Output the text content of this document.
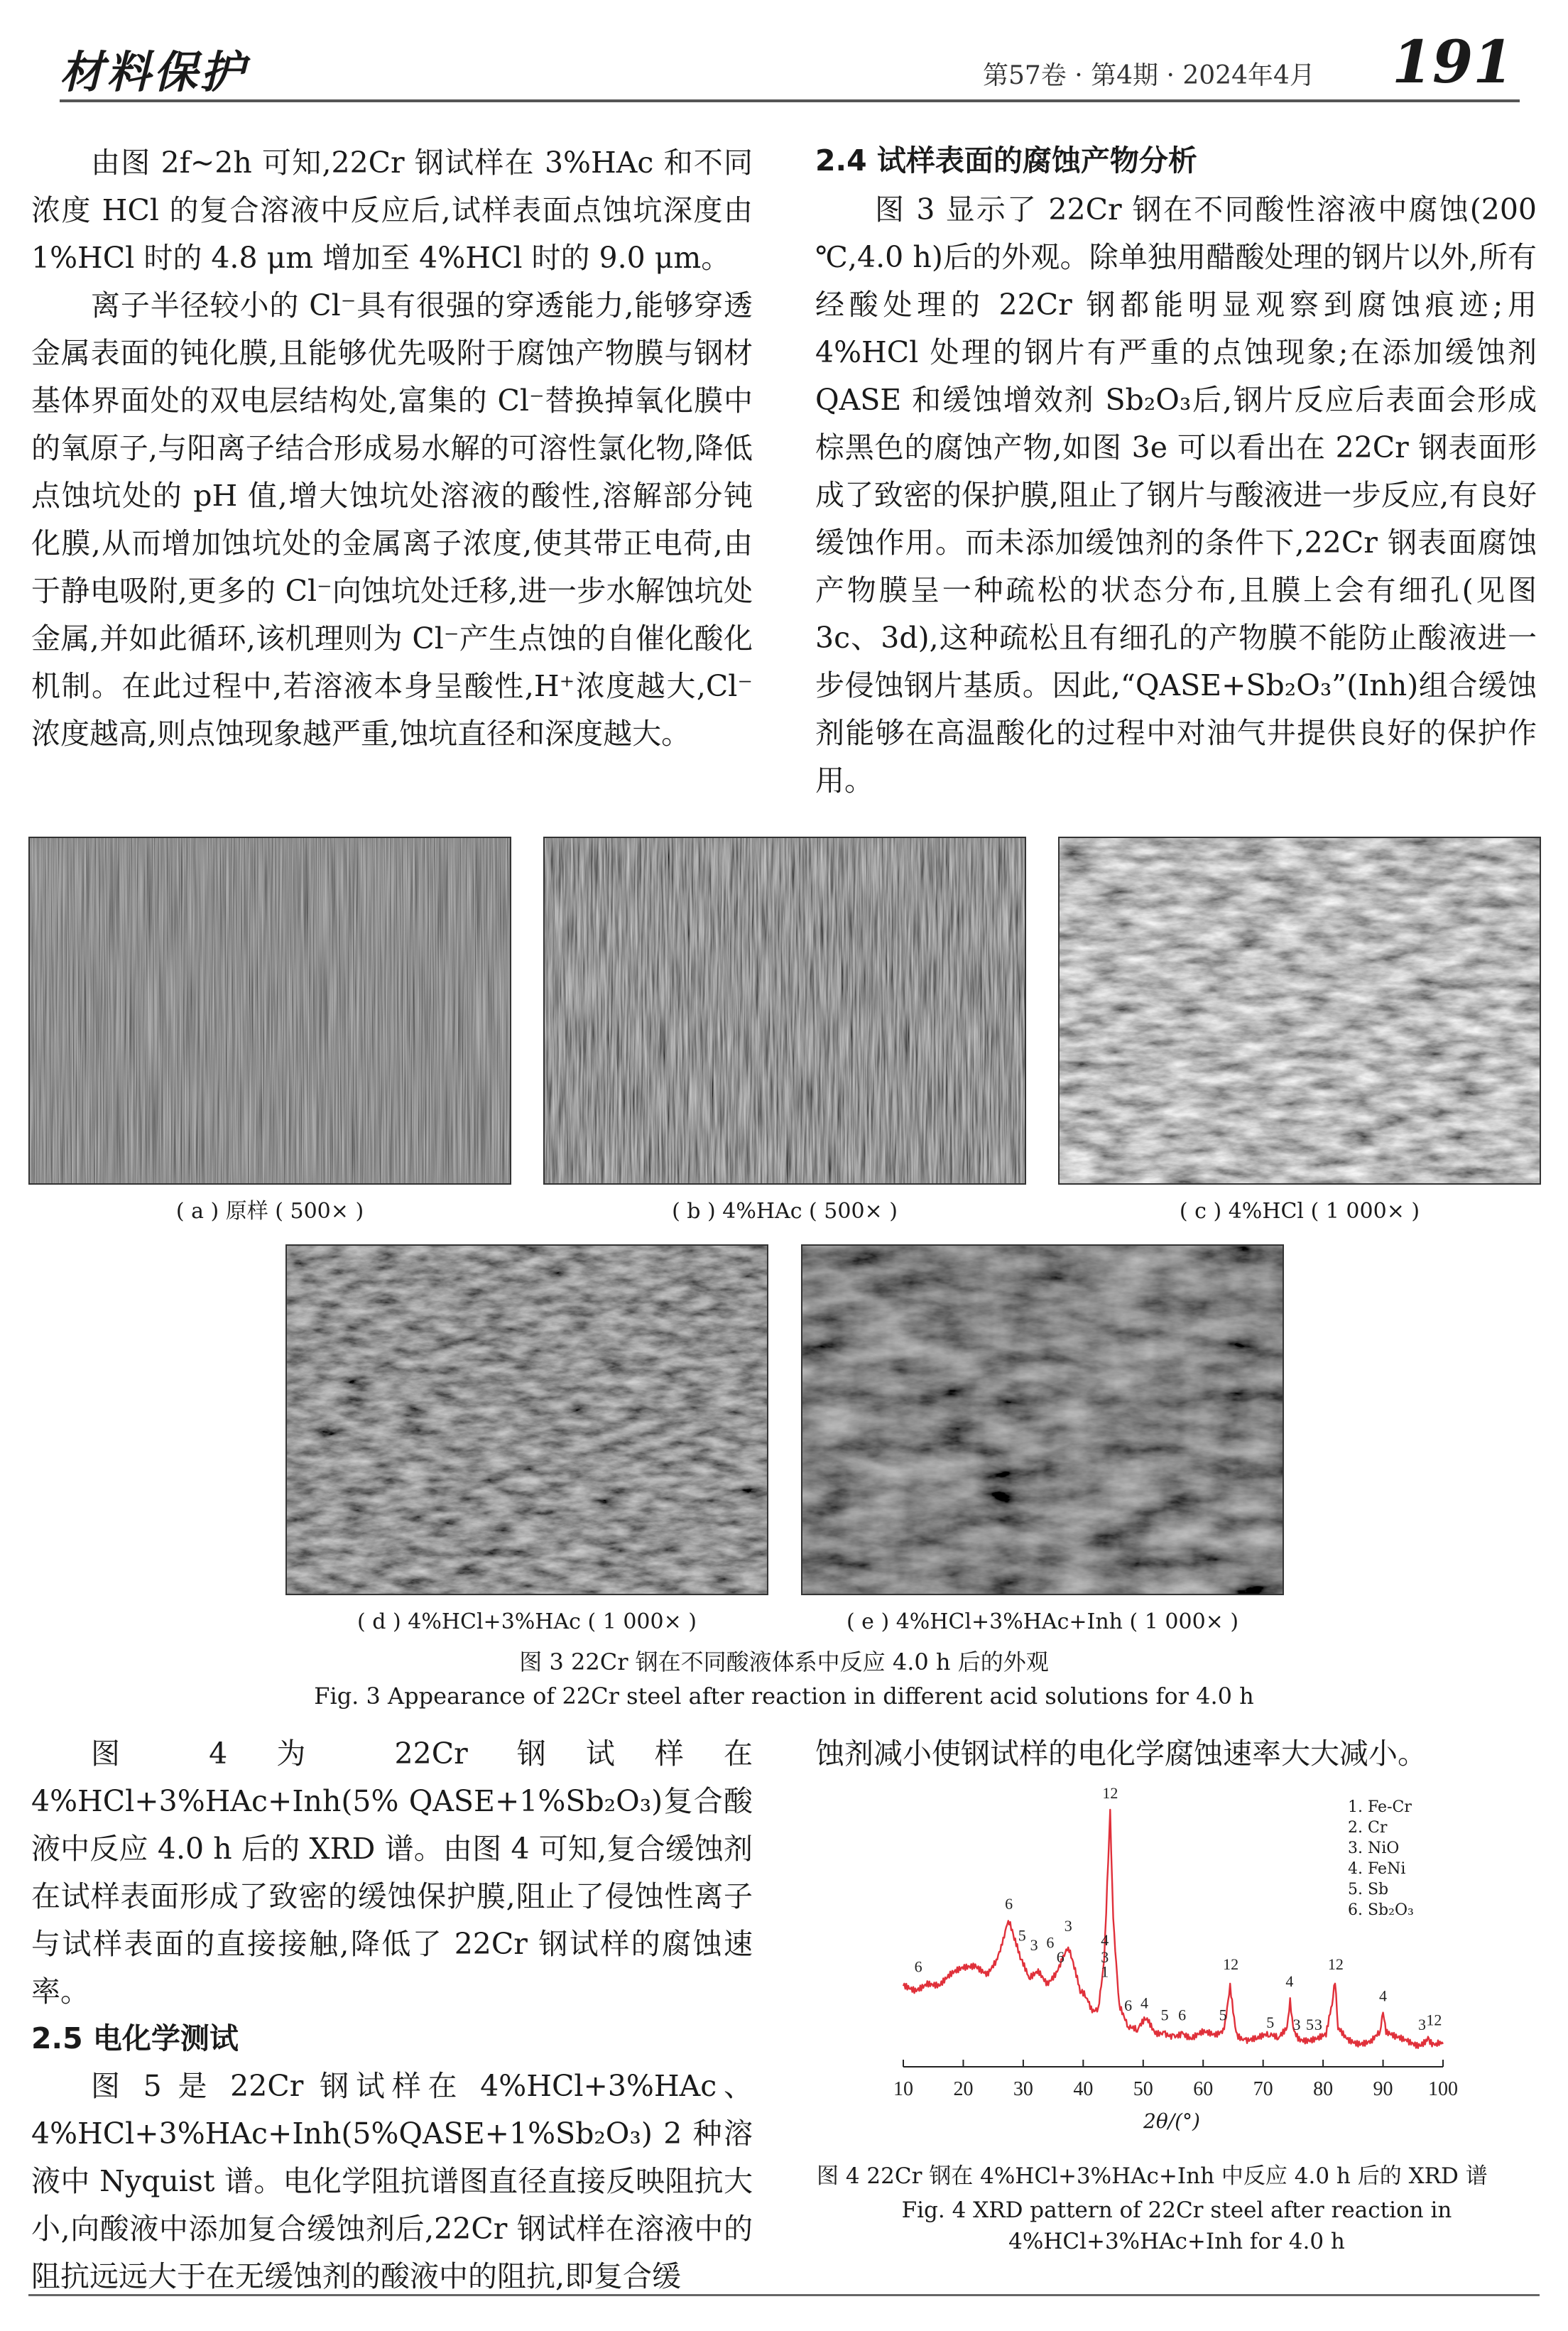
材料保护	第57卷 · 第4期 · 2024年4月 191

由图 2f~2h 可知,22Cr 钢试样在 3%HAc 和不同浓度 HCl 的复合溶液中反应后,试样表面点蚀坑深度由 1%HCl 时的 4.8 μm 增加至 4%HCl 时的 9.0 μm。

离子半径较小的 Cl⁻具有很强的穿透能力,能够穿透金属表面的钝化膜,且能够优先吸附于腐蚀产物膜与钢材基体界面处的双电层结构处,富集的 Cl⁻替换掉氧化膜中的氧原子,与阳离子结合形成易水解的可溶性氯化物,降低点蚀坑处的 pH 值,增大蚀坑处溶液的酸性,溶解部分钝化膜,从而增加蚀坑处的金属离子浓度,使其带正电荷,由于静电吸附,更多的 Cl⁻向蚀坑处迁移,进一步水解蚀坑处金属,并如此循环,该机理则为 Cl⁻产生点蚀的自催化酸化机制。在此过程中,若溶液本身呈酸性,H⁺浓度越大,Cl⁻浓度越高,则点蚀现象越严重,蚀坑直径和深度越大。

2.4 试样表面的腐蚀产物分析

图 3 显示了 22Cr 钢在不同酸性溶液中腐蚀(200 ℃,4.0 h)后的外观。除单独用醋酸处理的钢片以外,所有经酸处理的 22Cr 钢都能明显观察到腐蚀痕迹;用 4%HCl 处理的钢片有严重的点蚀现象;在添加缓蚀剂 QASE 和缓蚀增效剂 Sb₂O₃后,钢片反应后表面会形成棕黑色的腐蚀产物,如图 3e 可以看出在 22Cr 钢表面形成了致密的保护膜,阻止了钢片与酸液进一步反应,有良好缓蚀作用。而未添加缓蚀剂的条件下,22Cr 钢表面腐蚀产物膜呈一种疏松的状态分布,且膜上会有细孔(见图 3c、3d),这种疏松且有细孔的产物膜不能防止酸液进一步侵蚀钢片基质。因此,“QASE+Sb₂O₃”(Inh)组合缓蚀剂能够在高温酸化的过程中对油气井提供良好的保护作用。

( a ) 原样 ( 500× )	( b ) 4%HAc ( 500× )	( c ) 4%HCl ( 1 000× )
( d ) 4%HCl+3%HAc ( 1 000× )	( e ) 4%HCl+3%HAc+Inh ( 1 000× )
图 3 22Cr 钢在不同酸液体系中反应 4.0 h 后的外观
Fig. 3 Appearance of 22Cr steel after reaction in different acid solutions for 4.0 h

图 4 为 22Cr 钢试样在 4%HCl+3%HAc+Inh(5% QASE+1%Sb₂O₃)复合酸液中反应 4.0 h 后的 XRD 谱。由图 4 可知,复合缓蚀剂在试样表面形成了致密的缓蚀保护膜,阻止了侵蚀性离子与试样表面的直接接触,降低了 22Cr 钢试样的腐蚀速率。

2.5 电化学测试

图 5 是 22Cr 钢试样在 4%HCl+3%HAc、4%HCl+3%HAc+Inh(5%QASE+1%Sb₂O₃) 2 种溶液中 Nyquist 谱。电化学阻抗谱图直径直接反映阻抗大小,向酸液中添加复合缓蚀剂后,22Cr 钢试样在溶液中的阻抗远远大于在无缓蚀剂的酸液中的阻抗,即复合缓

蚀剂减小使钢试样的电化学腐蚀速率大大减小。

10 20 30 40 50 60 70 80 90 100
6
6
5
3 6
6
3
4
3
1
12
6 4
5 6 5
12
5
4
3 5 3
12
4
3 12
1. Fe-Cr
2. Cr
3. NiO
4. FeNi
5. Sb
6. Sb₂O₃
2θ/(°)
图 4 22Cr 钢在 4%HCl+3%HAc+Inh 中反应 4.0 h 后的 XRD 谱
Fig. 4 XRD pattern of 22Cr steel after reaction in
4%HCl+3%HAc+Inh for 4.0 h
